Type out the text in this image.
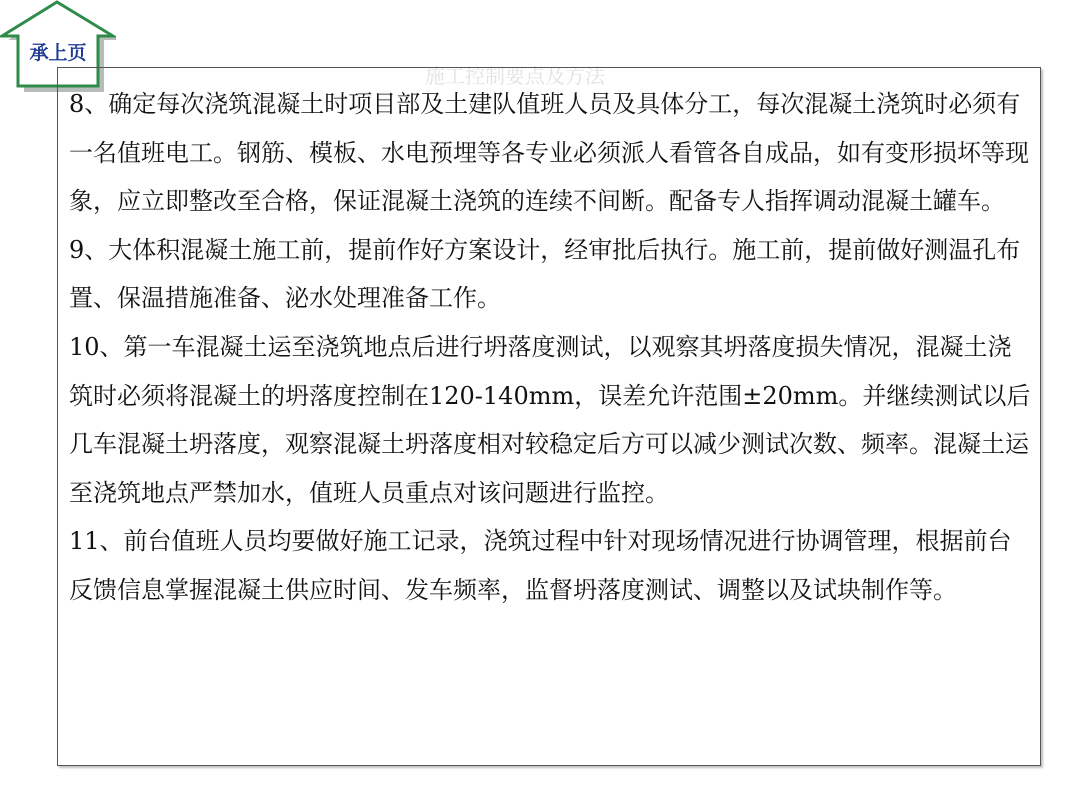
承上页
施工控制要点及方法

8、确定每次浇筑混凝土时项目部及土建队值班人员及具体分工，每次混凝土浇筑时必须有一名值班电工。钢筋、模板、水电预埋等各专业必须派人看管各自成品，如有变形损坏等现象，应立即整改至合格，保证混凝土浇筑的连续不间断。配备专人指挥调动混凝土罐车。

9、大体积混凝土施工前，提前作好方案设计，经审批后执行。施工前，提前做好测温孔布置、保温措施准备、泌水处理准备工作。

10、第一车混凝土运至浇筑地点后进行坍落度测试，以观察其坍落度损失情况，混凝土浇筑时必须将混凝土的坍落度控制在120-140mm，误差允许范围±20mm。并继续测试以后几车混凝土坍落度，观察混凝土坍落度相对较稳定后方可以减少测试次数、频率。混凝土运至浇筑地点严禁加水，值班人员重点对该问题进行监控。

11、前台值班人员均要做好施工记录，浇筑过程中针对现场情况进行协调管理，根据前台反馈信息掌握混凝土供应时间、发车频率，监督坍落度测试、调整以及试块制作等。
